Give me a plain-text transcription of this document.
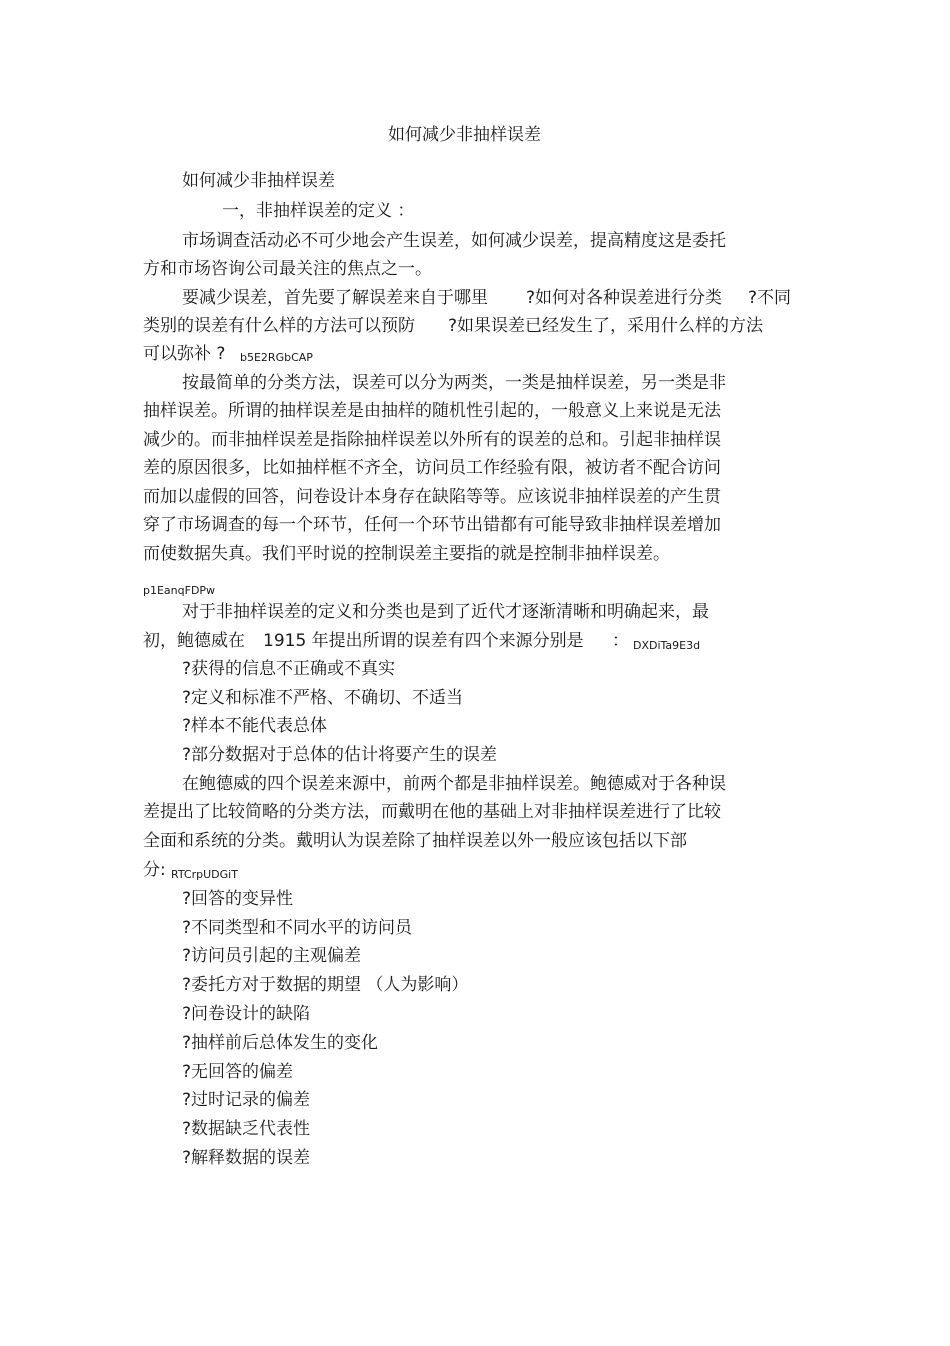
如何减少非抽样误差
如何减少非抽样误差
一，非抽样误差的定义 ：
市场调查活动必不可少地会产生误差，如何减少误差，提高精度这是委托
方和市场咨询公司最关注的焦点之一。
要减少误差，首先要了解误差来自于哪里 ?如何对各种误差进行分类 ?不同
类别的误差有什么样的方法可以预防 ?如果误差已经发生了，采用什么样的方法
可以弥补 ? b5E2RGbCAP
按最简单的分类方法，误差可以分为两类，一类是抽样误差，另一类是非
抽样误差。所谓的抽样误差是由抽样的随机性引起的，一般意义上来说是无法
减少的。而非抽样误差是指除抽样误差以外所有的误差的总和。引起非抽样误
差的原因很多，比如抽样框不齐全，访问员工作经验有限，被访者不配合访问
而加以虚假的回答，问卷设计本身存在缺陷等等。应该说非抽样误差的产生贯
穿了市场调查的每一个环节，任何一个环节出错都有可能导致非抽样误差增加
而使数据失真。我们平时说的控制误差主要指的就是控制非抽样误差。
p1EanqFDPw
对于非抽样误差的定义和分类也是到了近代才逐渐清晰和明确起来，最
初，鲍德威在 1915 年提出所谓的误差有四个来源分别是 ： DXDiTa9E3d
?获得的信息不正确或不真实
?定义和标准不严格、不确切、不适当
?样本不能代表总体
?部分数据对于总体的估计将要产生的误差
在鲍德威的四个误差来源中，前两个都是非抽样误差。鲍德威对于各种误
差提出了比较简略的分类方法，而戴明在他的基础上对非抽样误差进行了比较
全面和系统的分类。戴明认为误差除了抽样误差以外一般应该包括以下部
分: RTCrpUDGiT
?回答的变异性
?不同类型和不同水平的访问员
?访问员引起的主观偏差
?委托方对于数据的期望 （人为影响）
?问卷设计的缺陷
?抽样前后总体发生的变化
?无回答的偏差
?过时记录的偏差
?数据缺乏代表性
?解释数据的误差
